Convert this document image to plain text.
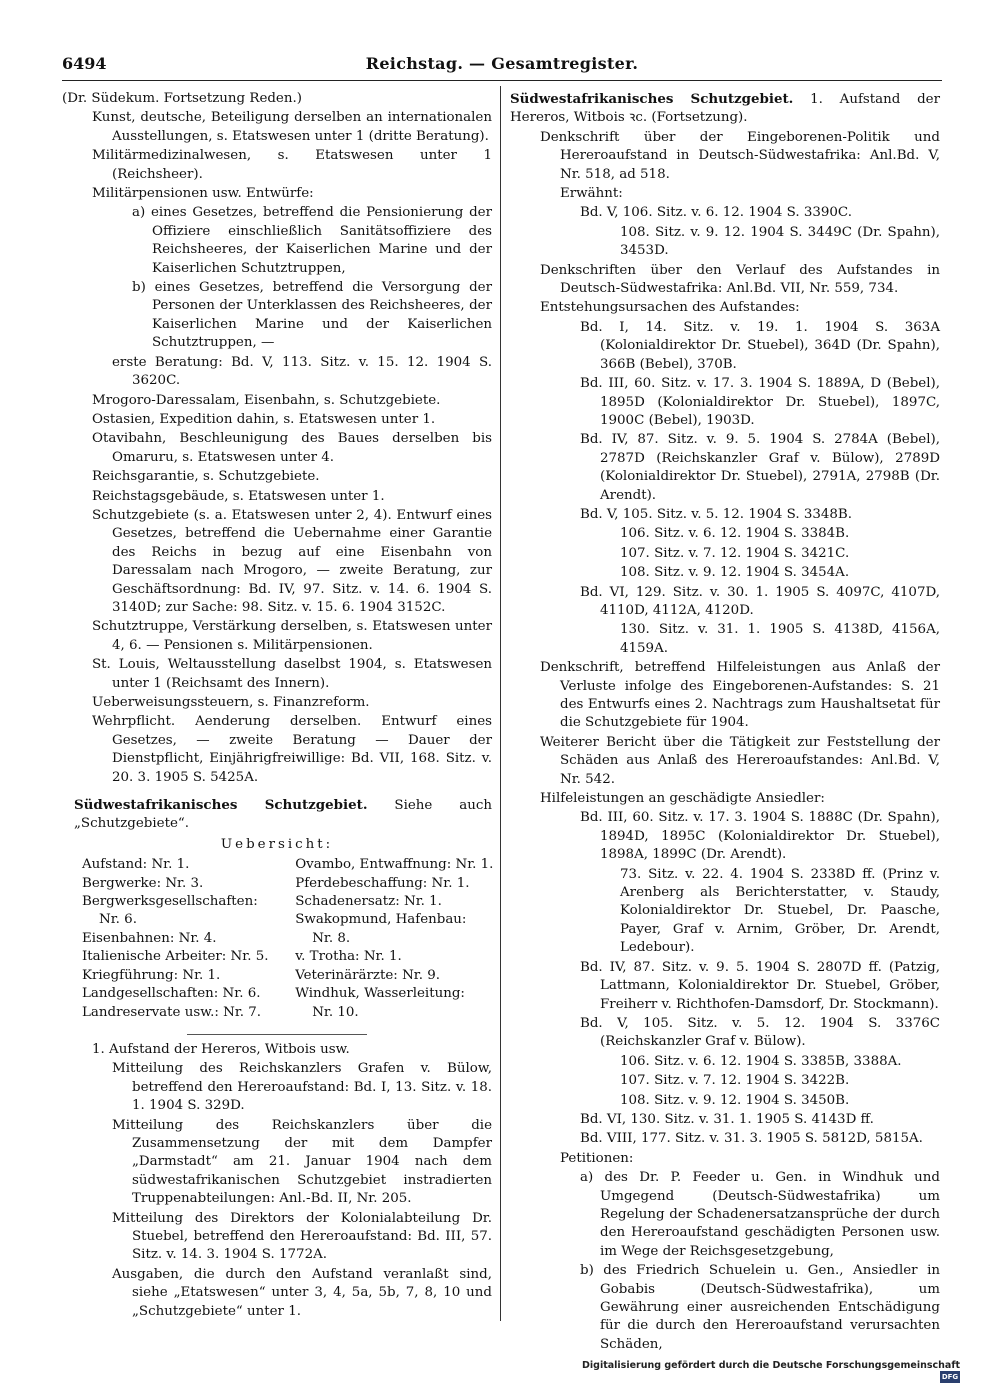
6494	Reichstag. — Gesamtregister.

(Dr. Südekum. Fortsetzung Reden.)

Kunst, deutsche, Beteiligung derselben an internationalen Ausstellungen, s. Etatswesen unter 1 (dritte Beratung).

Militärmedizinalwesen, s. Etatswesen unter 1 (Reichsheer).

Militärpensionen usw. Entwürfe:

a) eines Gesetzes, betreffend die Pensionierung der Offiziere einschließlich Sanitätsoffiziere des Reichsheeres, der Kaiserlichen Marine und der Kaiserlichen Schutztruppen,

b) eines Gesetzes, betreffend die Versorgung der Personen der Unterklassen des Reichsheeres, der Kaiserlichen Marine und der Kaiserlichen Schutztruppen, —

erste Beratung: Bd. V, 113. Sitz. v. 15. 12. 1904 S. 3620C.

Mrogoro-Daressalam, Eisenbahn, s. Schutzgebiete.

Ostasien, Expedition dahin, s. Etatswesen unter 1.

Otavibahn, Beschleunigung des Baues derselben bis Omaruru, s. Etatswesen unter 4.

Reichsgarantie, s. Schutzgebiete.

Reichstagsgebäude, s. Etatswesen unter 1.

Schutzgebiete (s. a. Etatswesen unter 2, 4). Entwurf eines Gesetzes, betreffend die Uebernahme einer Garantie des Reichs in bezug auf eine Eisenbahn von Daressalam nach Mrogoro, — zweite Beratung, zur Geschäftsordnung: Bd. IV, 97. Sitz. v. 14. 6. 1904 S. 3140D; zur Sache: 98. Sitz. v. 15. 6. 1904 3152C.

Schutztruppe, Verstärkung derselben, s. Etatswesen unter 4, 6. — Pensionen s. Militärpensionen.

St. Louis, Weltausstellung daselbst 1904, s. Etatswesen unter 1 (Reichsamt des Innern).

Ueberweisungssteuern, s. Finanzreform.

Wehrpflicht. Aenderung derselben. Entwurf eines Gesetzes, — zweite Beratung — Dauer der Dienstpflicht, Einjährigfreiwillige: Bd. VII, 168. Sitz. v. 20. 3. 1905 S. 5425A.

Südwestafrikanisches Schutzgebiet. Siehe auch „Schutzgebiete“.

Uebersicht:
Aufstand: Nr. 1.	Ovambo, Entwaffnung: Nr. 1.
Bergwerke: Nr. 3.	Pferdebeschaffung: Nr. 1.
Bergwerksgesellschaften:	Schadenersatz: Nr. 1.
Nr. 6.	Swakopmund, Hafenbau:
Eisenbahnen: Nr. 4.	Nr. 8.
Italienische Arbeiter: Nr. 5.	v. Trotha: Nr. 1.
Kriegführung: Nr. 1.	Veterinärärzte: Nr. 9.
Landgesellschaften: Nr. 6.	Windhuk, Wasserleitung:
Landreservate usw.: Nr. 7.	Nr. 10.

1. Aufstand der Hereros, Witbois usw.

Mitteilung des Reichskanzlers Grafen v. Bülow, betreffend den Hereroaufstand: Bd. I, 13. Sitz. v. 18. 1. 1904 S. 329D.

Mitteilung des Reichskanzlers über die Zusammensetzung der mit dem Dampfer „Darmstadt“ am 21. Januar 1904 nach dem südwestafrikanischen Schutzgebiet instradierten Truppenabteilungen: Anl.-Bd. II, Nr. 205.

Mitteilung des Direktors der Kolonialabteilung Dr. Stuebel, betreffend den Hereroaufstand: Bd. III, 57. Sitz. v. 14. 3. 1904 S. 1772A.

Ausgaben, die durch den Aufstand veranlaßt sind, siehe „Etatswesen“ unter 3, 4, 5a, 5b, 7, 8, 10 und „Schutzgebiete“ unter 1.

Südwestafrikanisches Schutzgebiet. 1. Aufstand der Hereros, Witbois ꝛc. (Fortsetzung).

Denkschrift über der Eingeborenen-Politik und Hereroaufstand in Deutsch-Südwestafrika: Anl.Bd. V, Nr. 518, ad 518.

Erwähnt:

Bd. V, 106. Sitz. v. 6. 12. 1904 S. 3390C.

108. Sitz. v. 9. 12. 1904 S. 3449C (Dr. Spahn), 3453D.

Denkschriften über den Verlauf des Aufstandes in Deutsch-Südwestafrika: Anl.Bd. VII, Nr. 559, 734.

Entstehungsursachen des Aufstandes:

Bd. I, 14. Sitz. v. 19. 1. 1904 S. 363A (Kolonialdirektor Dr. Stuebel), 364D (Dr. Spahn), 366B (Bebel), 370B.

Bd. III, 60. Sitz. v. 17. 3. 1904 S. 1889A, D (Bebel), 1895D (Kolonialdirektor Dr. Stuebel), 1897C, 1900C (Bebel), 1903D.

Bd. IV, 87. Sitz. v. 9. 5. 1904 S. 2784A (Bebel), 2787D (Reichskanzler Graf v. Bülow), 2789D (Kolonialdirektor Dr. Stuebel), 2791A, 2798B (Dr. Arendt).

Bd. V, 105. Sitz. v. 5. 12. 1904 S. 3348B.

106. Sitz. v. 6. 12. 1904 S. 3384B.

107. Sitz. v. 7. 12. 1904 S. 3421C.

108. Sitz. v. 9. 12. 1904 S. 3454A.

Bd. VI, 129. Sitz. v. 30. 1. 1905 S. 4097C, 4107D, 4110D, 4112A, 4120D.

130. Sitz. v. 31. 1. 1905 S. 4138D, 4156A, 4159A.

Denkschrift, betreffend Hilfeleistungen aus Anlaß der Verluste infolge des Eingeborenen-Aufstandes: S. 21 des Entwurfs eines 2. Nachtrags zum Haushaltsetat für die Schutzgebiete für 1904.

Weiterer Bericht über die Tätigkeit zur Feststellung der Schäden aus Anlaß des Hereroaufstandes: Anl.Bd. V, Nr. 542.

Hilfeleistungen an geschädigte Ansiedler:

Bd. III, 60. Sitz. v. 17. 3. 1904 S. 1888C (Dr. Spahn), 1894D, 1895C (Kolonialdirektor Dr. Stuebel), 1898A, 1899C (Dr. Arendt).

73. Sitz. v. 22. 4. 1904 S. 2338D ff. (Prinz v. Arenberg als Berichterstatter, v. Staudy, Kolonialdirektor Dr. Stuebel, Dr. Paasche, Payer, Graf v. Arnim, Gröber, Dr. Arendt, Ledebour).

Bd. IV, 87. Sitz. v. 9. 5. 1904 S. 2807D ff. (Patzig, Lattmann, Kolonialdirektor Dr. Stuebel, Gröber, Freiherr v. Richthofen-Damsdorf, Dr. Stockmann).

Bd. V, 105. Sitz. v. 5. 12. 1904 S. 3376C (Reichskanzler Graf v. Bülow).

106. Sitz. v. 6. 12. 1904 S. 3385B, 3388A.

107. Sitz. v. 7. 12. 1904 S. 3422B.

108. Sitz. v. 9. 12. 1904 S. 3450B.

Bd. VI, 130. Sitz. v. 31. 1. 1905 S. 4143D ff.

Bd. VIII, 177. Sitz. v. 31. 3. 1905 S. 5812D, 5815A.

Petitionen:

a) des Dr. P. Feeder u. Gen. in Windhuk und Umgegend (Deutsch-Südwestafrika) um Regelung der Schadenersatzansprüche der durch den Hereroaufstand geschädigten Personen usw. im Wege der Reichsgesetzgebung,

b) des Friedrich Schuelein u. Gen., Ansiedler in Gobabis (Deutsch-Südwestafrika), um Gewährung einer ausreichenden Entschädigung für die durch den Hereroaufstand verursachten Schäden,

Digitalisierung gefördert durch die Deutsche Forschungsgemeinschaft DFG
